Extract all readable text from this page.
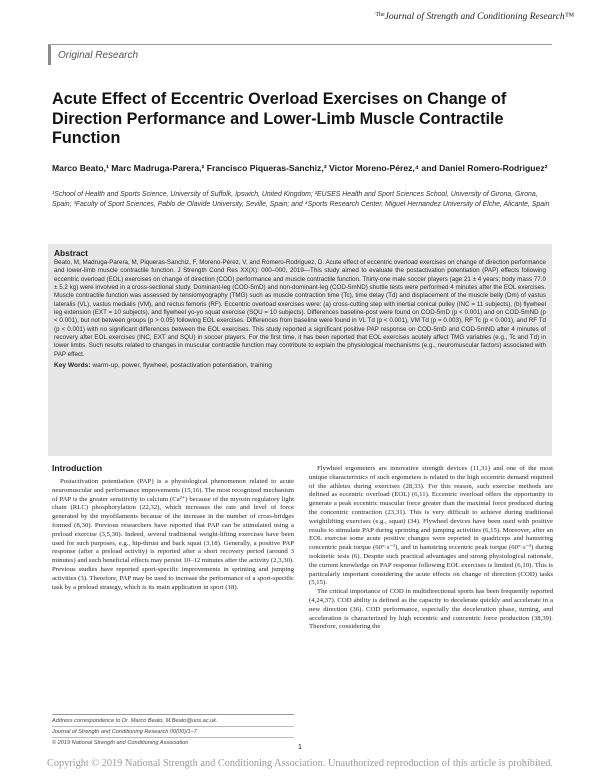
$^{The}$Journal of Strength and Conditioning Research™
Original Research
Acute Effect of Eccentric Overload Exercises on Change of Direction Performance and Lower-Limb Muscle Contractile Function
Marco Beato,¹ Marc Madruga-Parera,² Francisco Piqueras-Sanchiz,³ Victor Moreno-Pérez,⁴ and Daniel Romero-Rodriguez²
¹School of Health and Sports Science, University of Suffolk, Ipswich, United Kingdom; ²EUSES Health and Sport Sciences School, University of Girona, Girona, Spain; ³Faculty of Sport Sciences, Pablo de Olavide University, Seville, Spain; and ⁴Sports Research Center, Miguel Hernandez University of Elche, Alicante, Spain
Abstract
Beato, M, Madruga-Parera, M, Piqueras-Sanchiz, F, Moreno-Pérez, V, and Romero-Rodriguez, D. Acute effect of eccentric overload exercises on change of direction performance and lower-limb muscle contractile function. J Strength Cond Res XX(X): 000–000, 2019—This study aimed to evaluate the postactivation potentiation (PAP) effects following eccentric overload (EOL) exercises on change of direction (COD) performance and muscle contractile function. Thirty-one male soccer players (age 21 ± 4 years; body mass 77.0 ± 5.2 kg) were involved in a cross-sectional study. Dominant-leg (COD-5mD) and non-dominant-leg (COD-5mND) shuttle tests were performed 4 minutes after the EOL exercises. Muscle contractile function was assessed by tensiomyography (TMG) such as muscle contraction time (Tc), time delay (Td) and displacement of the muscle belly (Dm) of vastus lateralis (VL), vastus medialis (VM), and rectus femoris (RF). Eccentric overload exercises were: (a) cross-cutting step with inertial conical pulley (INC = 11 subjects), (b) flywheel leg extension (EXT = 10 subjects), and flywheel yo-yo squat exercise (SQU = 10 subjects). Differences baseline-post were found on COD-5mD (p < 0.001) and on COD-5mND (p < 0.001), but not between groups (p > 0.05) following EOL exercises. Differences from baseline were found in VL Td (p < 0.001), VM Td (p = 0.003), RF Tc (p < 0.001), and RF Td (p < 0.001) with no significant differences between the EOL exercises. This study reported a significant positive PAP response on COD-5mD and COD-5mND after 4 minutes of recovery after EOL exercises (INC, EXT and SQU) in soccer players. For the first time, it has been reported that EOL exercises acutely affect TMG variables (e.g., Tc and Td) in lower limbs. Such results related to changes in muscular contractile function may contribute to explain the physiological mechanisms (e.g., neuromuscular factors) associated with PAP effect.
Key Words: warm-up, power, flywheel, postactivation potentiation, training
Introduction

Postactivation potentiation (PAP) is a physiological phenomenon related to acute neuromuscular and performance improvements (15,16). The most recognized mechanism of PAP is the greater sensitivity to calcium (Ca²⁺) because of the myosin regulatory light chain (RLC) phosphorylation (22,32), which increases the rate and level of force generated by the myofilaments because of the increase in the number of cross-bridges formed (8,30). Previous researchers have reported that PAP can be stimulated using a preload exercise (3,5,30). Indeed, several traditional weight-lifting exercises have been used for such purposes, e.g., hip-thrust and back squat (3,18). Generally, a positive PAP response (after a preload activity) is reported after a short recovery period (around 3 minutes) and such beneficial effects may persist 10–12 minutes after the activity (2,3,30). Previous studies have reported sport-specific improvements in sprinting and jumping activities (3). Therefore, PAP may be used to increase the performance of a sport-specific task by a preload strategy, which is its main application in sport (18).

Flywheel ergometers are innovative strength devices (11,31) and one of the most unique characteristics of such ergometers is related to the high eccentric demand required of the athletes during exercises (28,33). For this reason, such exercise methods are defined as eccentric overload (EOL) (6,11). Eccentric overload offers the opportunity to generate a peak eccentric muscular force greater than the maximal force produced during the concentric contraction (23,31). This is very difficult to achieve during traditional weightlifting exercises (e.g., squat) (34). Flywheel devices have been used with positive results to stimulate PAP during sprinting and jumping activities (6,15). Moreover, after an EOL exercise some acute positive changes were reported in quadriceps and hamstring concentric peak torque (60°·s⁻¹), and in hamstring eccentric peak torque (60°·s⁻¹) during isokinetic tests (6). Despite such practical advantages and strong physiological rationale, the current knowledge on PAP response following EOL exercises is limited (6,10). This is particularly important considering the acute effects on change of direction (COD) tasks (5,15).

The critical importance of COD in multidirectional sports has been frequently reported (4,24,37). COD ability is defined as the capacity to decelerate quickly and accelerate in a new direction (36). COD performance, especially the deceleration phase, turning, and acceleration is characterized by high eccentric and concentric force production (38,39). Therefore, considering the

Address correspondence to Dr. Marco Beato, M.Beato@uos.ac.uk.
Journal of Strength and Conditioning Research 00(00)/1–7
© 2019 National Strength and Conditioning Association	1
Copyright © 2019 National Strength and Conditioning Association. Unauthorized reproduction of this article is prohibited.
